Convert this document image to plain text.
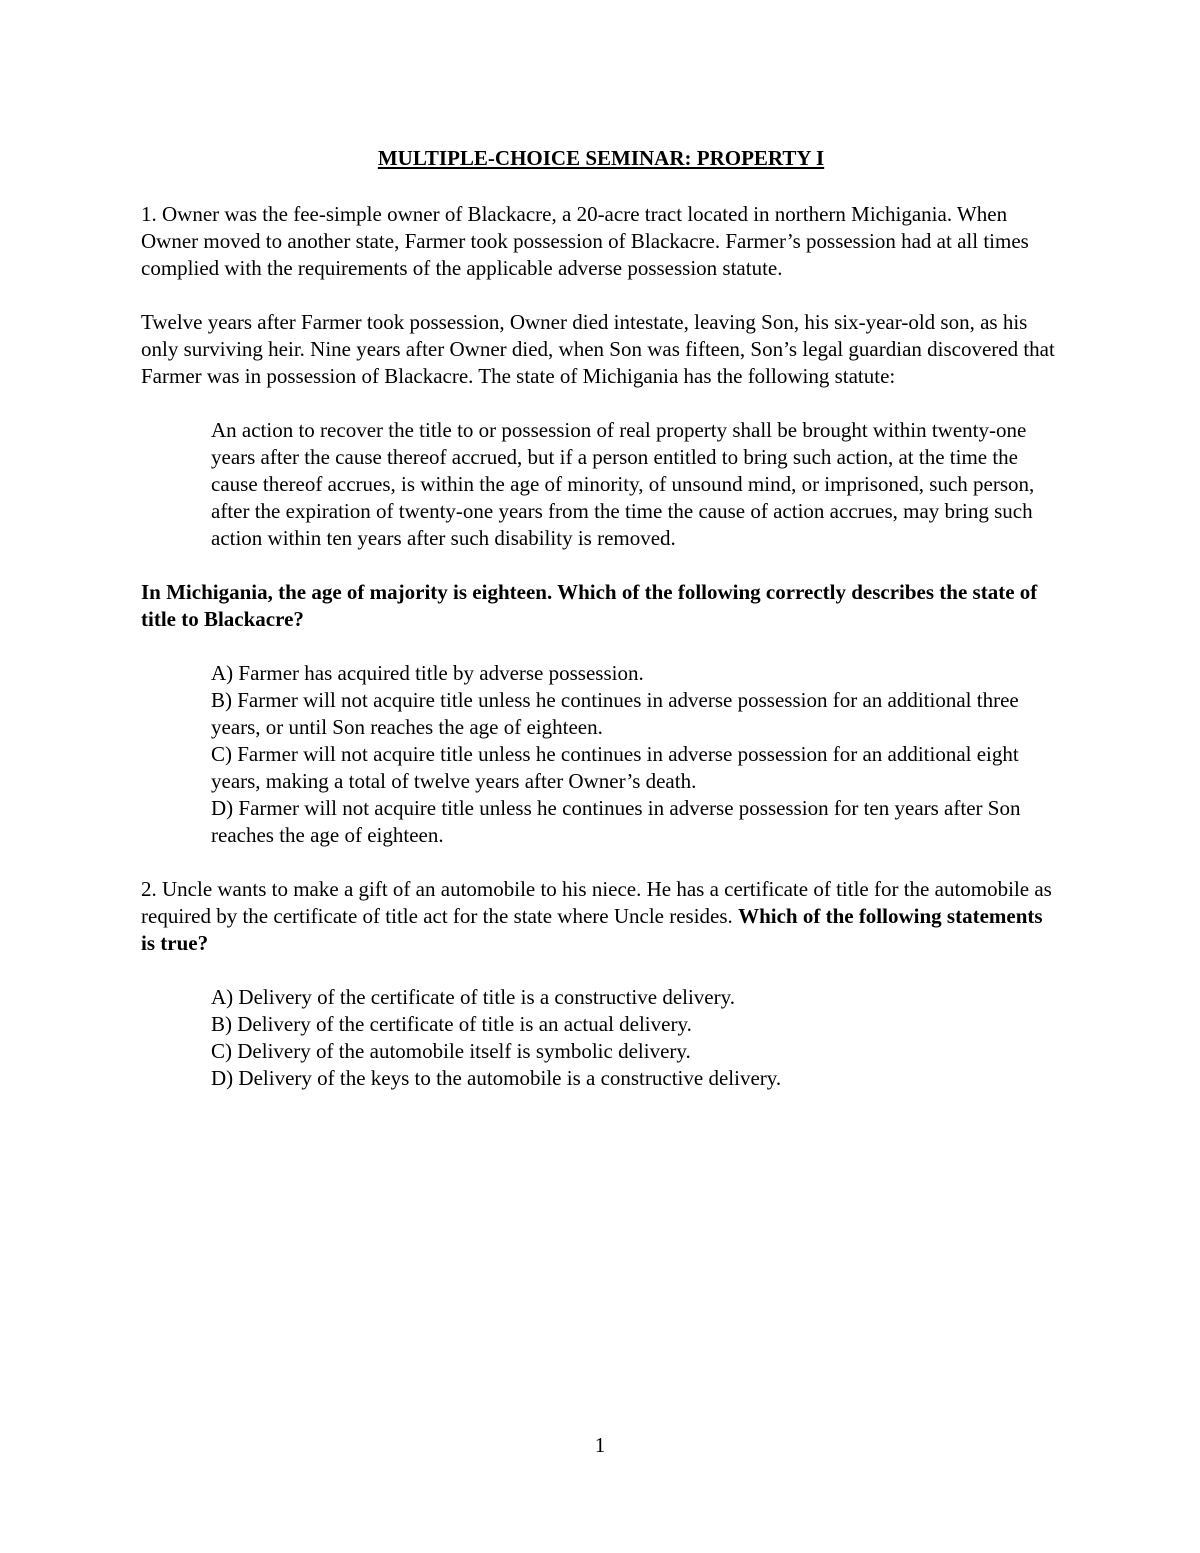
MULTIPLE-CHOICE SEMINAR: PROPERTY I

1. Owner was the fee-simple owner of Blackacre, a 20-acre tract located in northern Michigania. When Owner moved to another state, Farmer took possession of Blackacre. Farmer’s possession had at all times complied with the requirements of the applicable adverse possession statute.

Twelve years after Farmer took possession, Owner died intestate, leaving Son, his six-year-old son, as his only surviving heir. Nine years after Owner died, when Son was fifteen, Son’s legal guardian discovered that Farmer was in possession of Blackacre. The state of Michigania has the following statute:

An action to recover the title to or possession of real property shall be brought within twenty-one years after the cause thereof accrued, but if a person entitled to bring such action, at the time the cause thereof accrues, is within the age of minority, of unsound mind, or imprisoned, such person, after the expiration of twenty-one years from the time the cause of action accrues, may bring such action within ten years after such disability is removed.

In Michigania, the age of majority is eighteen. Which of the following correctly describes the state of title to Blackacre?

A) Farmer has acquired title by adverse possession.
B) Farmer will not acquire title unless he continues in adverse possession for an additional three years, or until Son reaches the age of eighteen.
C) Farmer will not acquire title unless he continues in adverse possession for an additional eight years, making a total of twelve years after Owner’s death.
D) Farmer will not acquire title unless he continues in adverse possession for ten years after Son reaches the age of eighteen.

2. Uncle wants to make a gift of an automobile to his niece. He has a certificate of title for the automobile as required by the certificate of title act for the state where Uncle resides. Which of the following statements is true?

A) Delivery of the certificate of title is a constructive delivery.
B) Delivery of the certificate of title is an actual delivery.
C) Delivery of the automobile itself is symbolic delivery.
D) Delivery of the keys to the automobile is a constructive delivery.
1
